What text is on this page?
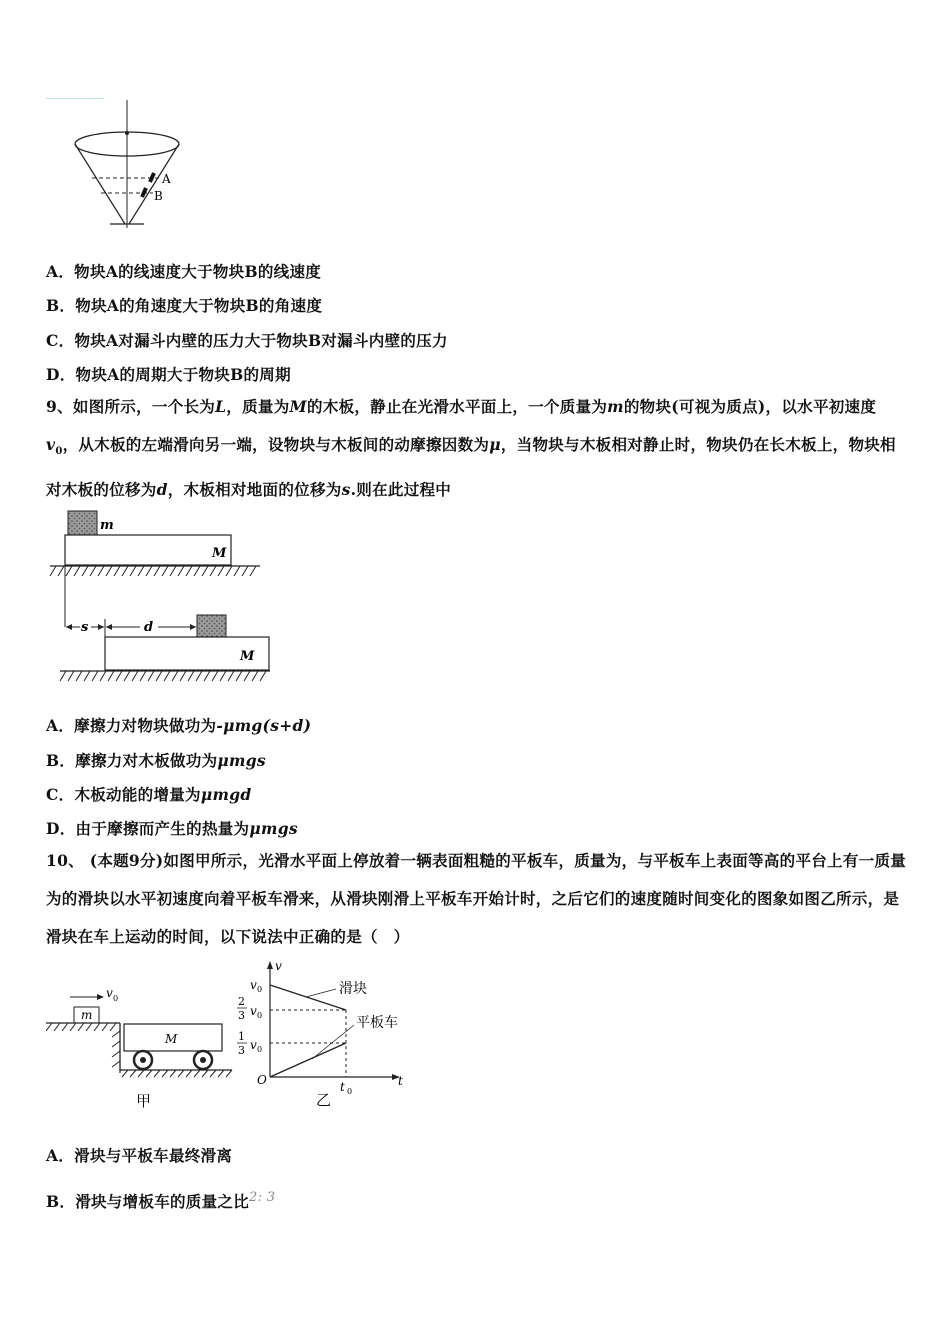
A
B
A．物块A的线速度大于物块B的线速度
B．物块A的角速度大于物块B的角速度
C．物块A对漏斗内壁的压力大于物块B对漏斗内壁的压力
D．物块A的周期大于物块B的周期
9、如图所示，一个长为L，质量为M的木板，静止在光滑水平面上，一个质量为m的物块(可视为质点)，以水平初速度$v_0$，从木板的左端滑向另一端，设物块与木板间的动摩擦因数为μ，当物块与木板相对静止时，物块仍在长木板上，物块相对木板的位移为d，木板相对地面的位移为s.则在此过程中
m
M
s	d
M
A．摩擦力对物块做功为-μmg(s+d)
B．摩擦力对木板做功为μmgs
C．木板动能的增量为μmgd
D．由于摩擦而产生的热量为μmgs
10、 (本题9分)如图甲所示，光滑水平面上停放着一辆表面粗糙的平板车，质量为，与平板车上表面等高的平台上有一质量为的滑块以水平初速度向着平板车滑来，从滑块刚滑上平板车开始计时，之后它们的速度随时间变化的图象如图乙所示，是滑块在车上运动的时间，以下说法中正确的是（　）
v 0
m
M
甲
v
t
O
v 0
2
3 v 0
1
3 v 0
滑块
平板车
t 0
乙
A．滑块与平板车最终滑离
B．滑块与增板车的质量之比$^{2: 3}$
